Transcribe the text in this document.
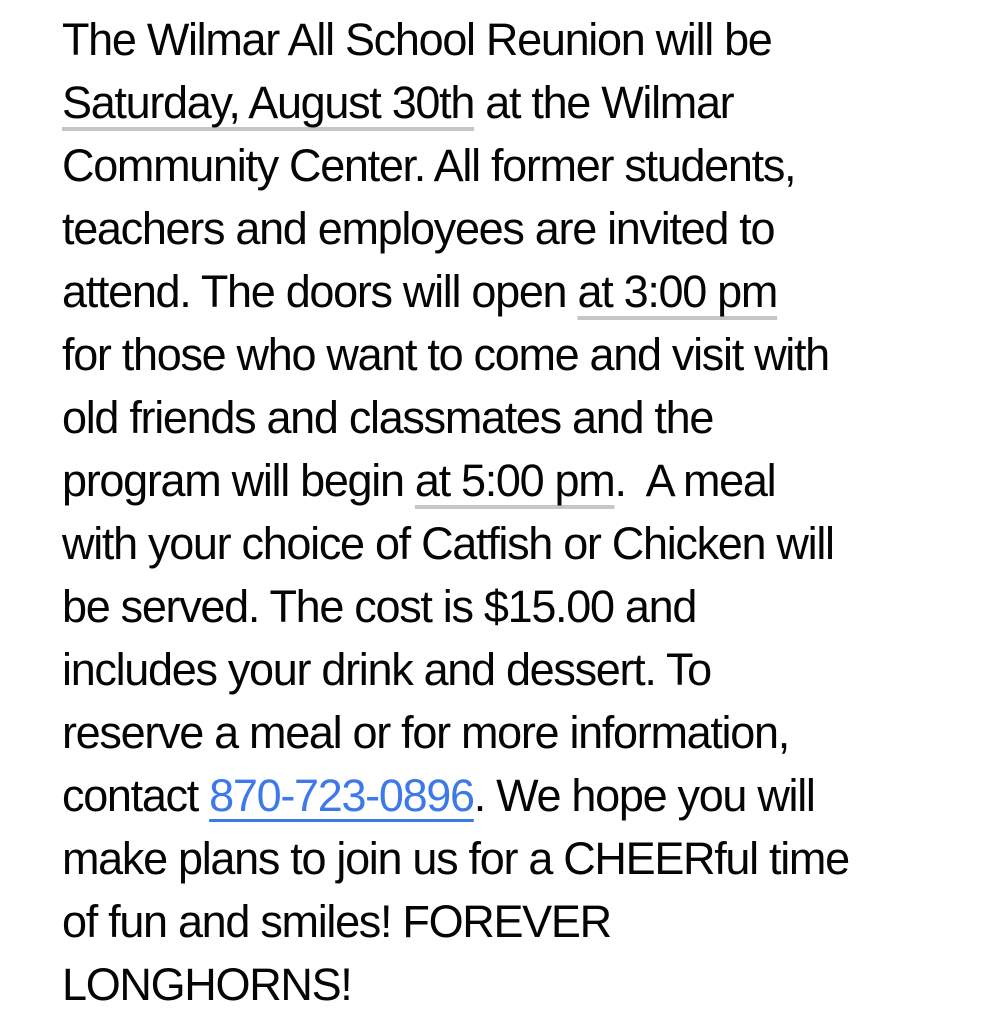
The Wilmar All School Reunion will be
Saturday, August 30th at the Wilmar
Community Center. All former students,
teachers and employees are invited to
attend. The doors will open at 3:00 pm
for those who want to come and visit with
old friends and classmates and the
program will begin at 5:00 pm.  A meal
with your choice of Catfish or Chicken will
be served. The cost is $15.00 and
includes your drink and dessert. To
reserve a meal or for more information,
contact 870-723-0896. We hope you will
make plans to join us for a CHEERful time
of fun and smiles! FOREVER
LONGHORNS!
